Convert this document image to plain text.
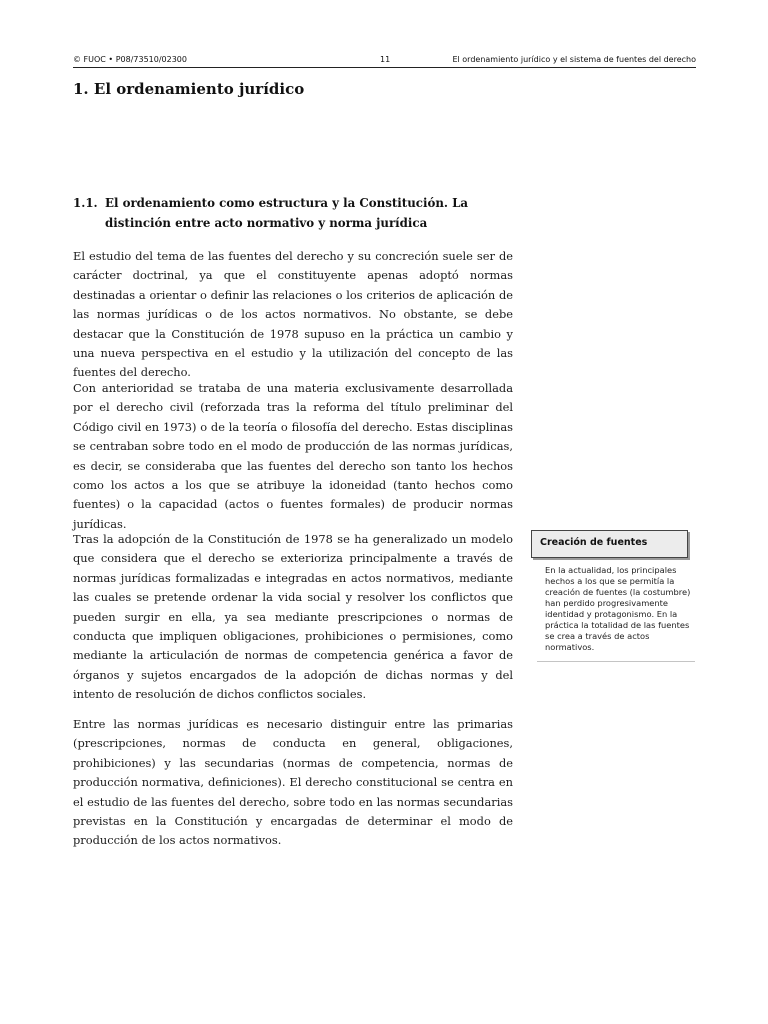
© FUOC • P08/73510/02300	11	El ordenamiento jurídico y el sistema de fuentes del derecho
1. El ordenamiento jurídico
1.1. El ordenamiento como estructura y la Constitución. La distinción entre acto normativo y norma jurídica

El estudio del tema de las fuentes del derecho y su concreción suele ser de carácter doctrinal, ya que el constituyente apenas adoptó normas destinadas a orientar o definir las relaciones o los criterios de aplicación de las normas jurídicas o de los actos normativos. No obstante, se debe destacar que la Constitución de 1978 supuso en la práctica un cambio y una nueva perspectiva en el estudio y la utilización del concepto de las fuentes del derecho.

Con anterioridad se trataba de una materia exclusivamente desarrollada por el derecho civil (reforzada tras la reforma del título preliminar del Código civil en 1973) o de la teoría o filosofía del derecho. Estas disciplinas se centraban sobre todo en el modo de producción de las normas jurídicas, es decir, se consideraba que las fuentes del derecho son tanto los hechos como los actos a los que se atribuye la idoneidad (tanto hechos como fuentes) o la capacidad (actos o fuentes formales) de producir normas jurídicas.

Tras la adopción de la Constitución de 1978 se ha generalizado un modelo que considera que el derecho se exterioriza principalmente a través de normas jurídicas formalizadas e integradas en actos normativos, mediante las cuales se pretende ordenar la vida social y resolver los conflictos que pueden surgir en ella, ya sea mediante prescripciones o normas de conducta que impliquen obligaciones, prohibiciones o permisiones, como mediante la articulación de normas de competencia genérica a favor de órganos y sujetos encargados de la adopción de dichas normas y del intento de resolución de dichos conflictos sociales.

Entre las normas jurídicas es necesario distinguir entre las primarias (prescripciones, normas de conducta en general, obligaciones, prohibiciones) y las secundarias (normas de competencia, normas de producción normativa, definiciones). El derecho constitucional se centra en el estudio de las fuentes del derecho, sobre todo en las normas secundarias previstas en la Constitución y encargadas de determinar el modo de producción de los actos normativos.

Creación de fuentes

En la actualidad, los principales hechos a los que se permitía la creación de fuentes (la costumbre) han perdido progresivamente identidad y protagonismo. En la práctica la totalidad de las fuentes se crea a través de actos normativos.
